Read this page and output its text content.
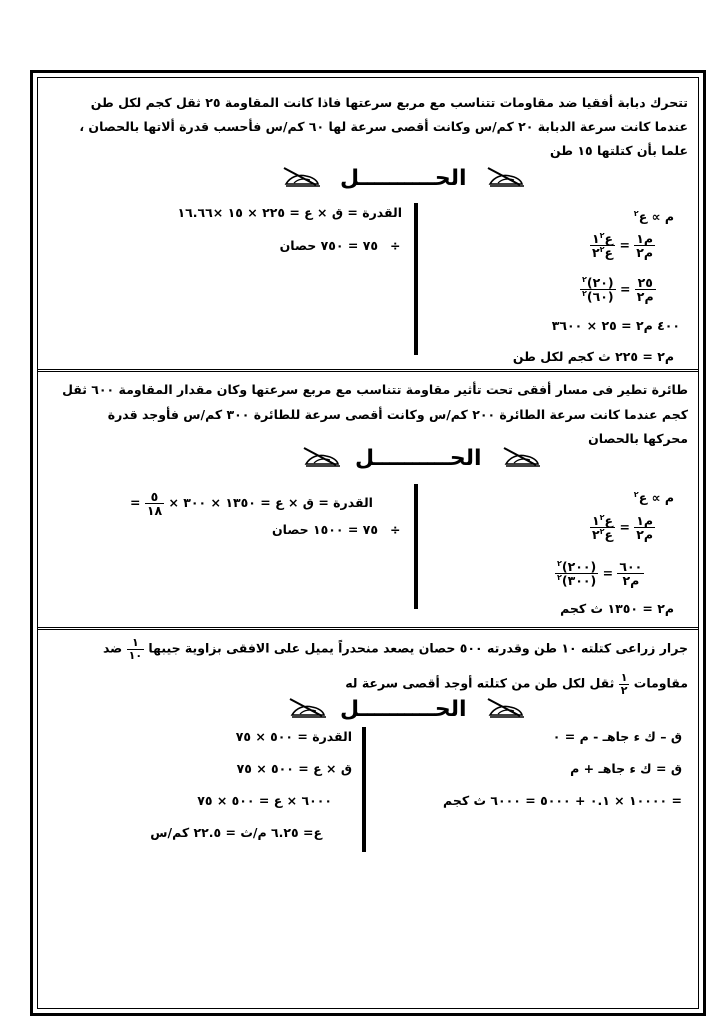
تتحرك دبابة أفقيا ضد مقاومات تتناسب مع مربع سرعتها فاذا كانت المقاومة ٢٥ ثقل كجم لكل طن
عندما كانت سرعة الدبابة ٢٠ كم/س وكانت أقصى سرعة لها ٦٠ كم/س فأحسب قدرة ألاتها بالحصان ،
علما بأن كتلتها ١٥ طن
الحــــــــــل
القدرة = ق × ع = ٢٢٥ × ١٥ ×١٦.٦٦
÷
٧٥ = ٧٥٠ حصان
م ∝ ع$^٢$
$\frac{\text{م١}}{\text{م٢}}$
=
$\frac{ع١^٢}{ع٢^٢}$
$\frac{٢٥}{\text{م٢}}$
=
$\frac{(٢٠)^٢}{(٦٠)^٢}$
٤٠٠ م٢ = ٢٥ × ٣٦٠٠
م٢ = ٢٢٥ ث كجم لكل طن
طائرة تطير فى مسار أفقى تحت تأثير مقاومة تتناسب مع مربع سرعتها وكان مقدار المقاومة ٦٠٠ ثقل
كجم عندما كانت سرعة الطائرة ٢٠٠ كم/س وكانت أقصى سرعة للطائرة ٣٠٠ كم/س فأوجد قدرة
محركها بالحصان
الحــــــــــل
القدرة = ق × ع = ١٣٥٠ × ٣٠٠ ×
$\frac{٥}{١٨}$
=
÷
٧٥ = ١٥٠٠ حصان
م ∝ ع$^٢$
$\frac{\text{م١}}{\text{م٢}}$
=
$\frac{ع١^٢}{ع٢^٢}$
$\frac{٦٠٠}{\text{م٢}}$
=
$\frac{(٢٠٠)^٢}{(٣٠٠)^٢}$
م٢ = ١٣٥٠ ث كجم
جرار زراعى كتلته ١٠ طن وقدرته ٥٠٠ حصان يصعد منحدراً يميل على الافقى بزاوية جيبها
$\frac{١}{١٠}$
ضد
مقاومات
$\frac{١}{٢}$
ثقل لكل طن من كتلته أوجد أقصى سرعة له
الحــــــــــل
ق – ك ء جاهـ - م = ٠
ق = ك ء جاهـ + م
= ١٠٠٠٠ × ٠.١ + ٥٠٠٠ = ٦٠٠٠ ث كجم
القدرة = ٥٠٠ × ٧٥
ق × ع = ٥٠٠ × ٧٥
٦٠٠٠ × ع = ٥٠٠ × ٧٥
ع= ٦.٢٥ م/ث = ٢٢.٥ كم/س
